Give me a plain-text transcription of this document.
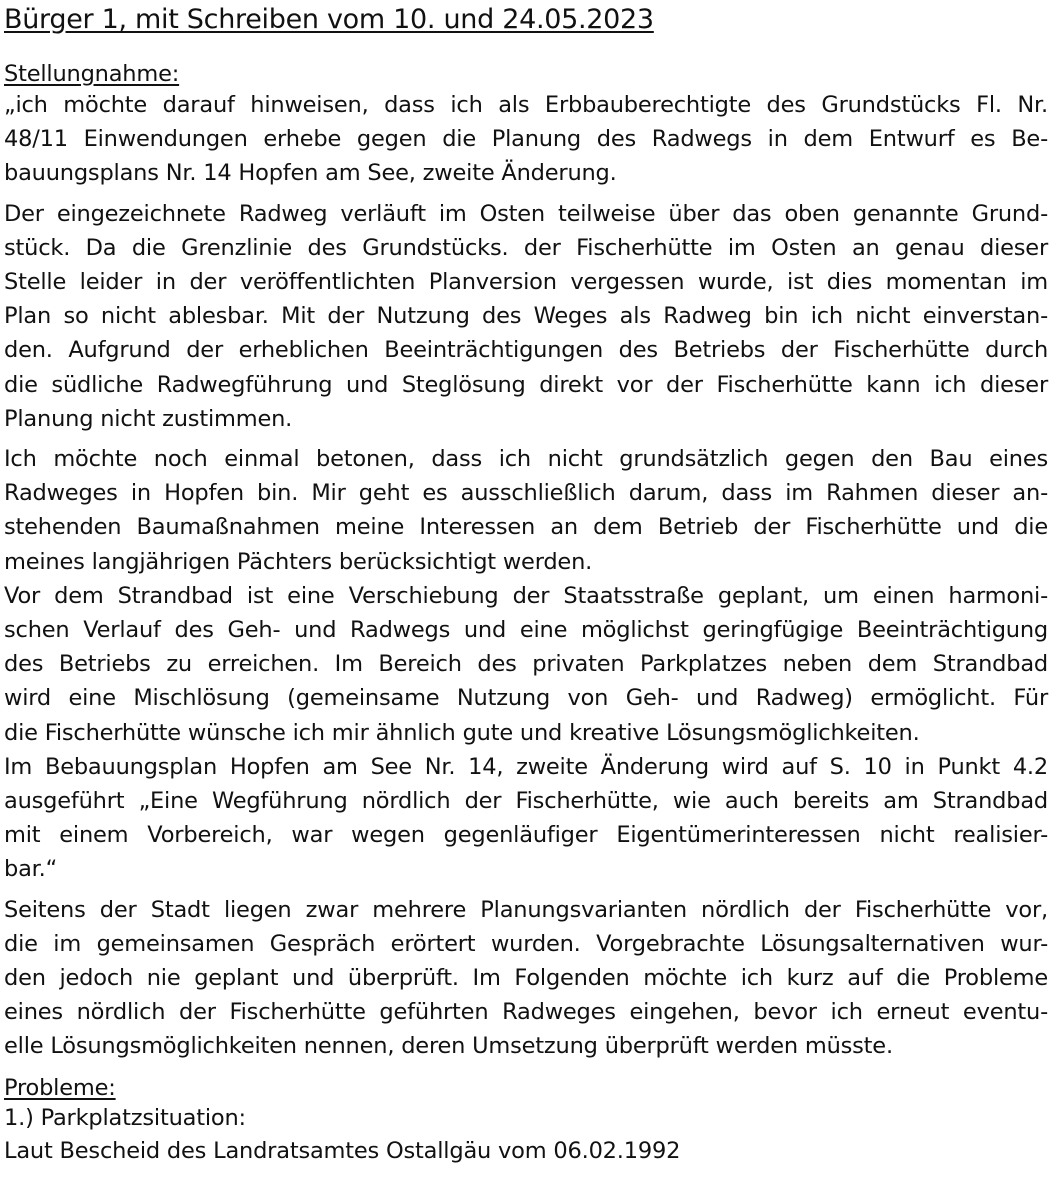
Bürger 1, mit Schreiben vom 10. und 24.05.2023
Stellungnahme:
„ich möchte darauf hinweisen, dass ich als Erbbauberechtigte des Grundstücks Fl. Nr.
48/11 Einwendungen erhebe gegen die Planung des Radwegs in dem Entwurf es Be-
bauungsplans Nr. 14 Hopfen am See, zweite Änderung.
Der eingezeichnete Radweg verläuft im Osten teilweise über das oben genannte Grund-
stück. Da die Grenzlinie des Grundstücks. der Fischerhütte im Osten an genau dieser
Stelle leider in der veröffentlichten Planversion vergessen wurde, ist dies momentan im
Plan so nicht ablesbar. Mit der Nutzung des Weges als Radweg bin ich nicht einverstan-
den. Aufgrund der erheblichen Beeinträchtigungen des Betriebs der Fischerhütte durch
die südliche Radwegführung und Steglösung direkt vor der Fischerhütte kann ich dieser
Planung nicht zustimmen.
Ich möchte noch einmal betonen, dass ich nicht grundsätzlich gegen den Bau eines
Radweges in Hopfen bin. Mir geht es ausschließlich darum, dass im Rahmen dieser an-
stehenden Baumaßnahmen meine Interessen an dem Betrieb der Fischerhütte und die
meines langjährigen Pächters berücksichtigt werden.
Vor dem Strandbad ist eine Verschiebung der Staatsstraße geplant, um einen harmoni-
schen Verlauf des Geh- und Radwegs und eine möglichst geringfügige Beeinträchtigung
des Betriebs zu erreichen. Im Bereich des privaten Parkplatzes neben dem Strandbad
wird eine Mischlösung (gemeinsame Nutzung von Geh- und Radweg) ermöglicht. Für
die Fischerhütte wünsche ich mir ähnlich gute und kreative Lösungsmöglichkeiten.
Im Bebauungsplan Hopfen am See Nr. 14, zweite Änderung wird auf S. 10 in Punkt 4.2
ausgeführt „Eine Wegführung nördlich der Fischerhütte, wie auch bereits am Strandbad
mit einem Vorbereich, war wegen gegenläufiger Eigentümerinteressen nicht realisier-
bar.“
Seitens der Stadt liegen zwar mehrere Planungsvarianten nördlich der Fischerhütte vor,
die im gemeinsamen Gespräch erörtert wurden. Vorgebrachte Lösungsalternativen wur-
den jedoch nie geplant und überprüft. Im Folgenden möchte ich kurz auf die Probleme
eines nördlich der Fischerhütte geführten Radweges eingehen, bevor ich erneut eventu-
elle Lösungsmöglichkeiten nennen, deren Umsetzung überprüft werden müsste.
Probleme:
1.) Parkplatzsituation:
Laut Bescheid des Landratsamtes Ostallgäu vom 06.02.1992
